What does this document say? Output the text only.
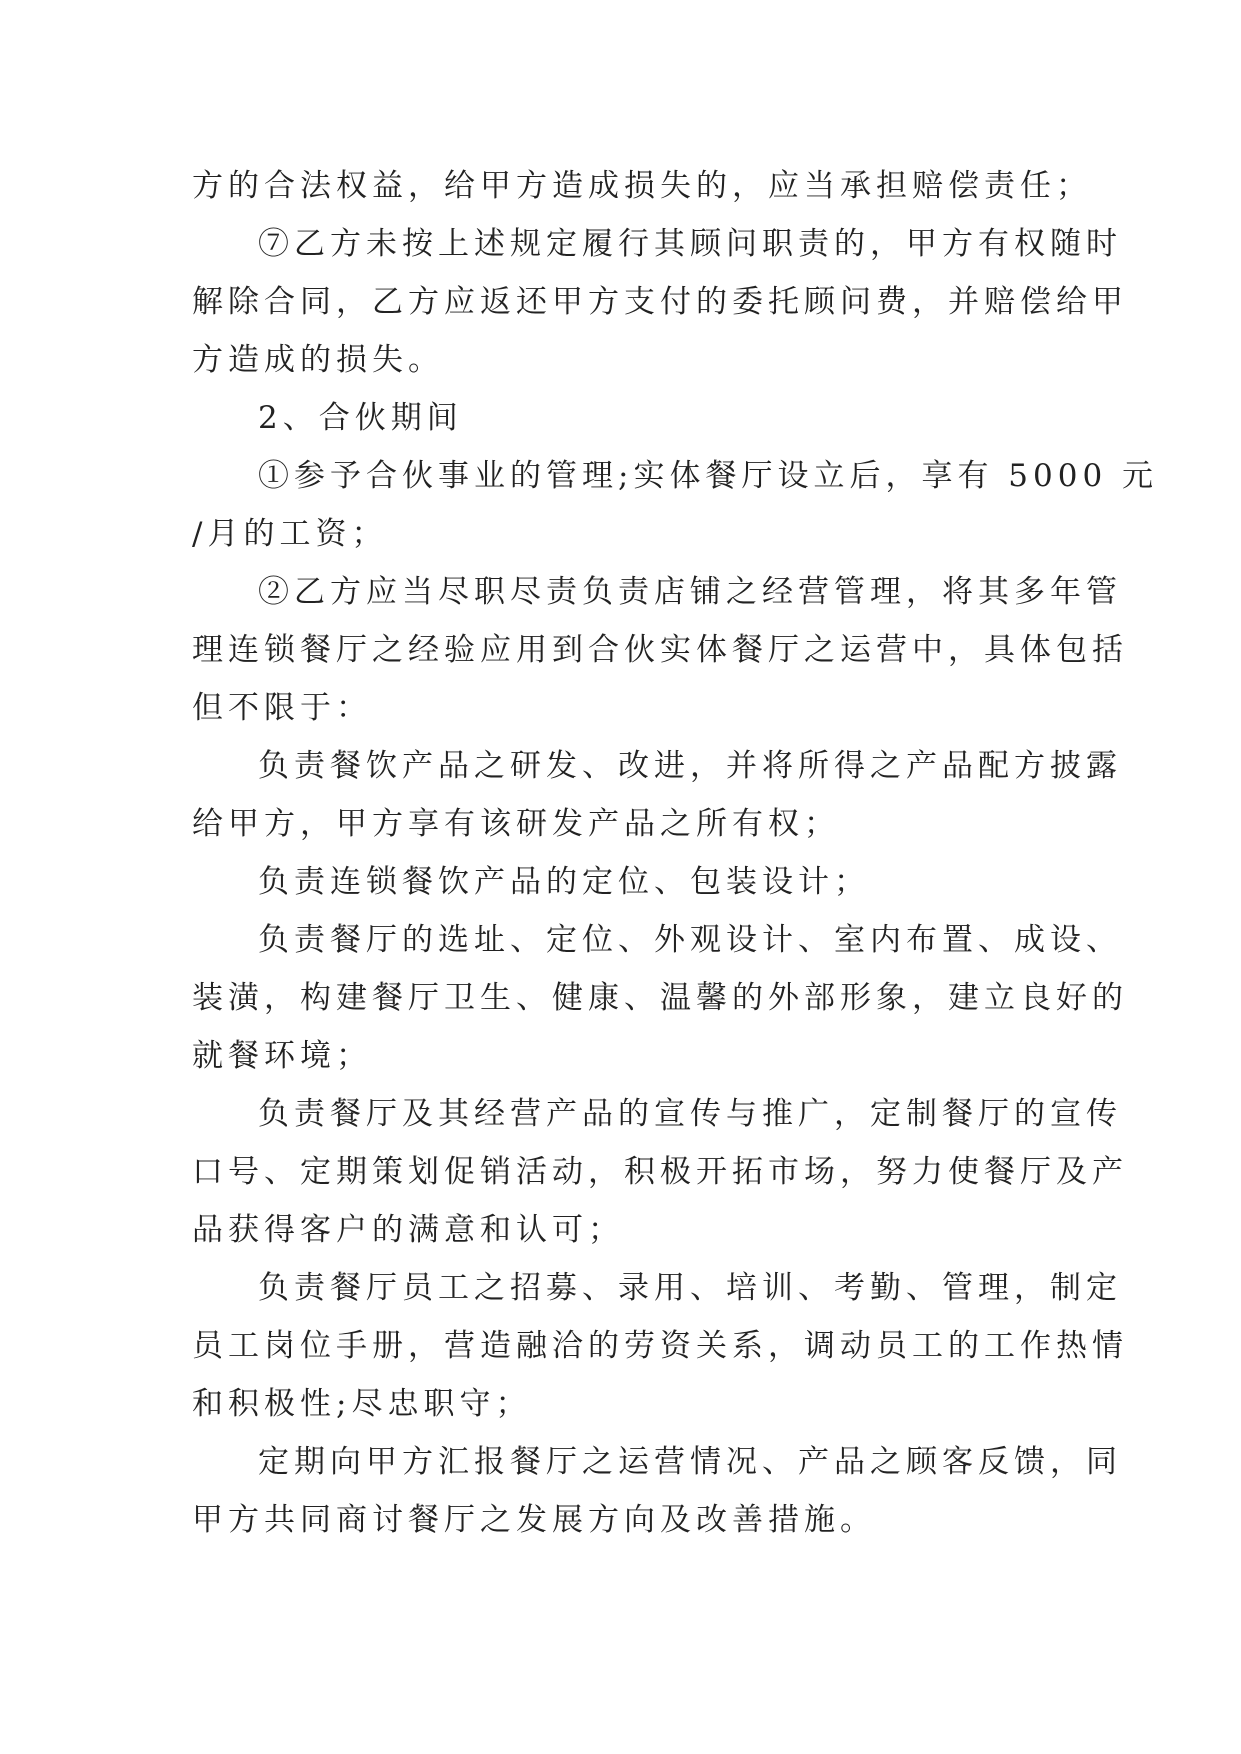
方的合法权益，给甲方造成损失的，应当承担赔偿责任；
⑦乙方未按上述规定履行其顾问职责的，甲方有权随时
解除合同，乙方应返还甲方支付的委托顾问费，并赔偿给甲
方造成的损失。
2、合伙期间
①参予合伙事业的管理;实体餐厅设立后，享有 5000 元
/月的工资；
②乙方应当尽职尽责负责店铺之经营管理，将其多年管
理连锁餐厅之经验应用到合伙实体餐厅之运营中，具体包括
但不限于：
负责餐饮产品之研发、改进，并将所得之产品配方披露
给甲方，甲方享有该研发产品之所有权；
负责连锁餐饮产品的定位、包装设计；
负责餐厅的选址、定位、外观设计、室内布置、成设、
装潢，构建餐厅卫生、健康、温馨的外部形象，建立良好的
就餐环境；
负责餐厅及其经营产品的宣传与推广，定制餐厅的宣传
口号、定期策划促销活动，积极开拓市场，努力使餐厅及产
品获得客户的满意和认可；
负责餐厅员工之招募、录用、培训、考勤、管理，制定
员工岗位手册，营造融洽的劳资关系，调动员工的工作热情
和积极性;尽忠职守；
定期向甲方汇报餐厅之运营情况、产品之顾客反馈，同
甲方共同商讨餐厅之发展方向及改善措施。
